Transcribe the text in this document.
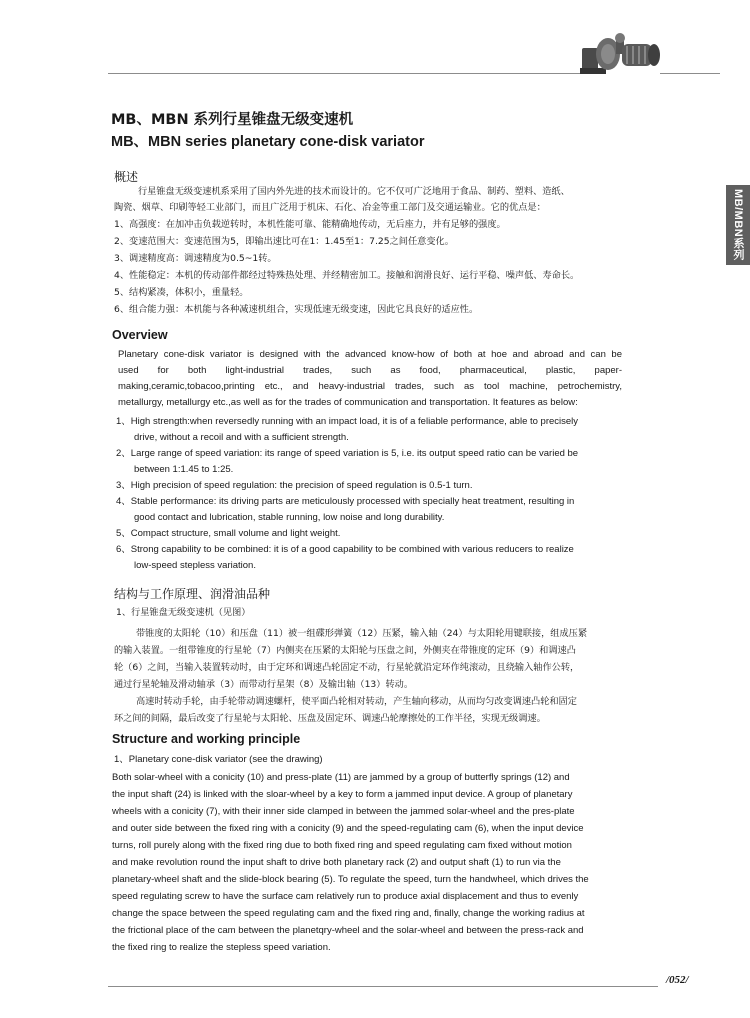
MB/MBN系列
MB、MBN 系列行星锥盘无级变速机
MB、MBN series planetary cone-disk variator
概述
行星锥盘无级变速机系采用了国内外先进的技术而设计的。它不仅可广泛地用于食品、制药、塑料、造纸、
陶瓷、烟草、印刷等轻工业部门，而且广泛用于机床、石化、冶金等重工部门及交通运输业。它的优点是：
1、高强度：在加冲击负载逆转时，本机性能可靠、能精确地传动，无后座力，并有足够的强度。
2、变速范围大：变速范围为5，即输出速比可在1：1.45至1：7.25之间任意变化。
3、调速精度高：调速精度为0.5~1转。
4、性能稳定：本机的传动部件都经过特殊热处理、并经精密加工。接触和润滑良好、运行平稳、噪声低、寿命长。
5、结构紧凑，体积小，重量轻。
6、组合能力强：本机能与各种减速机组合，实现低速无级变速，因此它具良好的适应性。
Overview
Planetary cone-disk variator is designed with the advanced know-how of both at hoe and abroad and can be
used for both light-industrial trades, such as food, pharmaceutical, plastic, paper-
making,ceramic,tobacoo,printing etc., and heavy-industrial trades, such as tool machine, petrochemistry,
metallurgy, metallurgy etc.,as well as for the trades of communication and transportation. It features as below:
1、High strength:when reversedly running with an impact load, it is of a feliable performance, able to precisely
drive, without a recoil and with a sufficient strength.
2、Large range of speed variation: its range of speed variation is 5, i.e. its output speed ratio can be varied be
between 1:1.45 to 1:25.
3、High precision of speed regulation: the precision of speed regulation is 0.5-1 turn.
4、Stable performance: its driving parts are meticulously processed with specially heat treatment, resulting in
good contact and lubrication, stable running, low noise and long durability.
5、Compact structure, small volume and light weight.
6、Strong capability to be combined: it is of a good capability to be combined with various reducers to realize
low-speed stepless variation.
结构与工作原理、润滑油品种
1、行星锥盘无级变速机（见图）
带锥度的太阳轮（10）和压盘（11）被一组碟形弹簧（12）压紧，输入轴（24）与太阳轮用键联接，组成压紧
的输入装置。一组带锥度的行星轮（7）内侧夹在压紧的太阳轮与压盘之间，外侧夹在带锥度的定环（9）和调速凸
轮（6）之间，当输入装置转动时，由于定环和调速凸轮固定不动，行星轮就沿定环作纯滚动，且绕输入轴作公转，
通过行星轮轴及滑动轴承（3）而带动行星架（8）及输出轴（13）转动。
高速时转动手轮，由手轮带动调速螺杆，使平面凸轮相对转动，产生轴向移动，从而均匀改变调速凸轮和固定
环之间的间隔，最后改变了行星轮与太阳轮、压盘及固定环、调速凸轮摩擦处的工作半径，实现无级调速。
Structure and working principle
1、Planetary cone-disk variator (see the drawing)
Both solar-wheel with a conicity (10) and press-plate (11) are jammed by a group of butterfly springs (12) and
the input shaft (24) is linked with the sloar-wheel by a key to form a jammed input device. A group of planetary
wheels with a conicity (7), with their inner side clamped in between the jammed solar-wheel and the pres-plate
and outer side between the fixed ring with a conicity (9) and the speed-regulating cam (6), when the input device
turns, roll purely along with the fixed ring due to both fixed ring and speed regulating cam fixed without motion
and make revolution round the input shaft to drive both planetary rack (2) and output shaft (1) to run via the
planetary-wheel shaft and the slide-block bearing (5). To regulate the speed, turn the handwheel, which drives the
speed regulating screw to have the surface cam relatively run to produce axial displacement and thus to evenly
change the space between the speed regulating cam and the fixed ring and, finally, change the working radius at
the frictional place of the cam between the planetqry-wheel and the solar-wheel and between the press-rack and
the fixed ring to realize the stepless speed variation.
/052/
